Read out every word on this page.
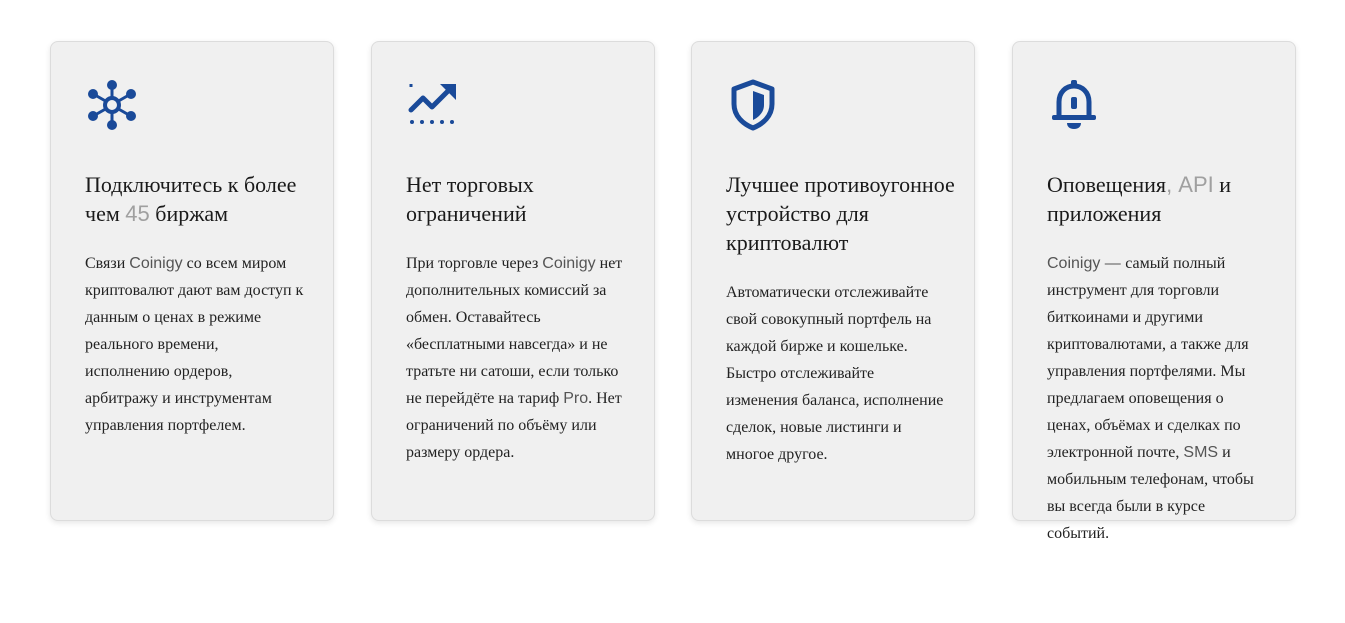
Подключитесь к более чем 45 биржам

Связи Coinigy со всем миром криптовалют дают вам доступ к данным о ценах в режиме реального времени, исполнению ордеров, арбитражу и инструментам управления портфелем.

Нет торговых ограничений

При торговле через Coinigy нет дополнительных комиссий за обмен. Оставайтесь «бесплатными навсегда» и не тратьте ни сатоши, если только не перейдёте на тариф Pro. Нет ограничений по объёму или размеру ордера.

Лучшее противоугонное устройство для криптовалют

Автоматически отслеживайте свой совокупный портфель на каждой бирже и кошельке. Быстро отслеживайте изменения баланса, исполнение сделок, новые листинги и многое другое.

Оповещения, API и приложения

Coinigy — самый полный инструмент для торговли биткоинами и другими криптовалютами, а также для управления портфелями. Мы предлагаем оповещения о ценах, объёмах и сделках по электронной почте, SMS и мобильным телефонам, чтобы вы всегда были в курсе событий.
